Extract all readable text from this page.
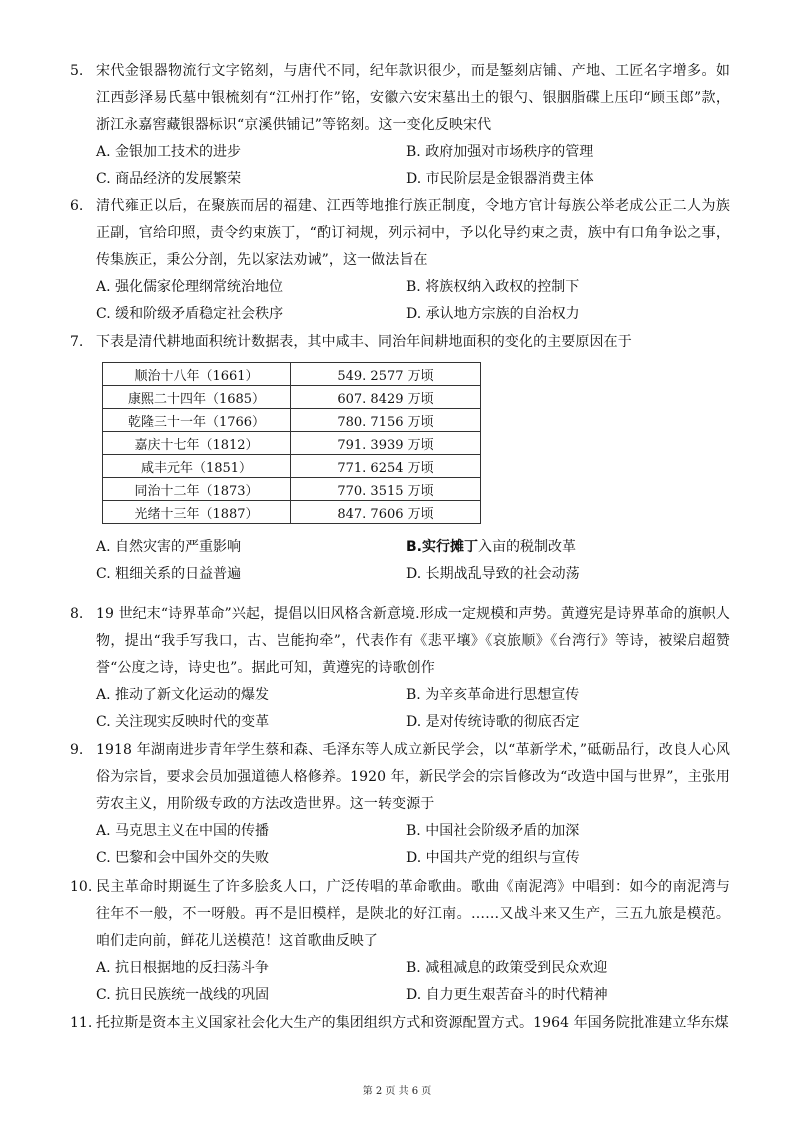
5. 宋代金银器物流行文字铭刻，与唐代不同，纪年款识很少，而是錾刻店铺、产地、工匠名字增多。如江西彭泽易氏墓中银梳刻有“江州打作”铭，安徽六安宋墓出土的银勺、银胭脂碟上压印“顾玉郎”款，浙江永嘉窖藏银器标识“京溪供铺记”等铭刻。这一变化反映宋代
A. 金银加工技术的进步	B. 政府加强对市场秩序的管理
C. 商品经济的发展繁荣	D. 市民阶层是金银器消费主体
6. 清代雍正以后，在聚族而居的福建、江西等地推行族正制度，令地方官计每族公举老成公正二人为族正副，官给印照，责令约束族丁，“酌订祠规，列示祠中，予以化导约束之责，族中有口角争讼之事，传集族正，秉公分剖，先以家法劝诫”，这一做法旨在
A. 强化儒家伦理纲常统治地位	B. 将族权纳入政权的控制下
C. 缓和阶级矛盾稳定社会秩序	D. 承认地方宗族的自治权力
7. 下表是清代耕地面积统计数据表，其中咸丰、同治年间耕地面积的变化的主要原因在于
顺治十八年（1661）	549. 2577 万顷
康熙二十四年（1685）	607. 8429 万顷
乾隆三十一年（1766）	780. 7156 万顷
嘉庆十七年（1812）	791. 3939 万顷
咸丰元年（1851）	771. 6254 万顷
同治十二年（1873）	770. 3515 万顷
光绪十三年（1887）	847. 7606 万顷
A. 自然灾害的严重影响	B.实行摊丁入亩的税制改革
C. 粗细关系的日益普遍	D. 长期战乱导致的社会动荡
8. 19 世纪末“诗界革命”兴起，提倡以旧风格含新意境.形成一定规模和声势。黄遵宪是诗界革命的旗帜人物，提出“我手写我口，古、岂能拘牵”，代表作有《悲平壤》《哀旅顺》《台湾行》等诗，被梁启超赞誉“公度之诗，诗史也”。据此可知，黄遵宪的诗歌创作
A. 推动了新文化运动的爆发	B. 为辛亥革命进行思想宣传
C. 关注现实反映时代的变革	D. 是对传统诗歌的彻底否定
9. 1918 年湖南进步青年学生蔡和森、毛泽东等人成立新民学会，以“革新学术，”砥砺品行，改良人心风俗为宗旨，要求会员加强道德人格修养。1920 年，新民学会的宗旨修改为“改造中国与世界”，主张用劳农主义，用阶级专政的方法改造世界。这一转变源于
A. 马克思主义在中国的传播	B. 中国社会阶级矛盾的加深
C. 巴黎和会中国外交的失败	D. 中国共产党的组织与宣传
10. 民主革命时期诞生了许多脍炙人口，广泛传唱的革命歌曲。歌曲《南泥湾》中唱到：如今的南泥湾与往年不一般，不一呀般。再不是旧模样，是陕北的好江南。……又战斗来又生产，三五九旅是模范。咱们走向前，鲜花儿送模范！这首歌曲反映了
A. 抗日根据地的反扫荡斗争	B. 减租减息的政策受到民众欢迎
C. 抗日民族统一战线的巩固	D. 自力更生艰苦奋斗的时代精神
11. 托拉斯是资本主义国家社会化大生产的集团组织方式和资源配置方式。1964 年国务院批准建立华东煤
第 2 页 共 6 页
